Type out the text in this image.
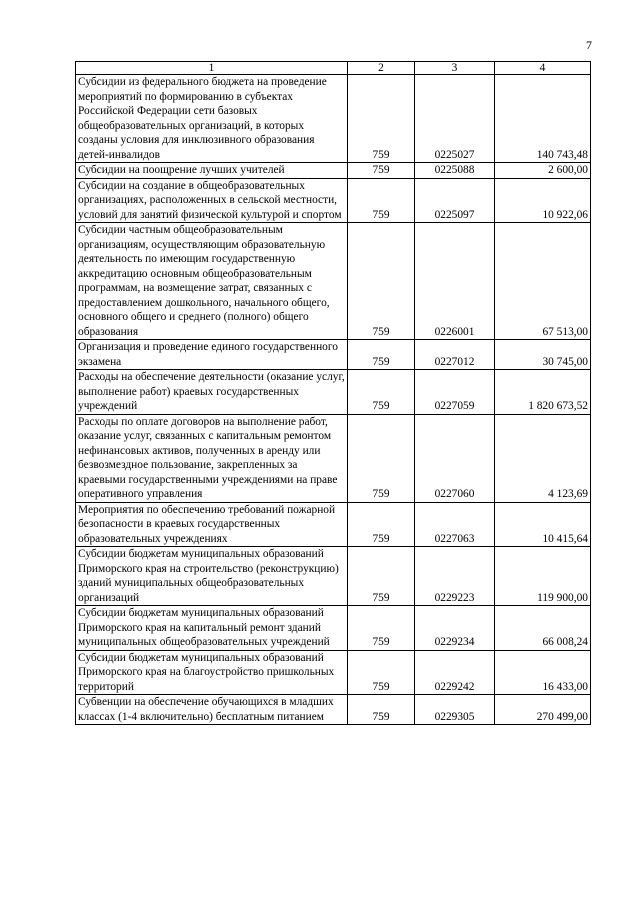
7
1	2	3	4
Субсидии из федерального бюджета на проведение мероприятий по формированию в субъектах Российской Федерации сети базовых общеобразовательных организаций, в которых созданы условия для инклюзивного образования детей-инвалидов	759	0225027	140 743,48
Субсидии на поощрение лучших учителей	759	0225088	2 600,00
Субсидии на создание в общеобразовательных организациях, расположенных в сельской местности, условий для занятий физической культурой и спортом	759	0225097	10 922,06
Субсидии частным общеобразовательным организациям, осуществляющим образовательную деятельность по имеющим государственную аккредитацию основным общеобразовательным программам, на возмещение затрат, связанных с предоставлением дошкольного, начального общего, основного общего и среднего (полного) общего образования	759	0226001	67 513,00
Организация и проведение единого государственного экзамена	759	0227012	30 745,00
Расходы на обеспечение деятельности (оказание услуг, выполнение работ) краевых государственных учреждений	759	0227059	1 820 673,52
Расходы по оплате договоров на выполнение работ, оказание услуг, связанных с капитальным ремонтом нефинансовых активов, полученных в аренду или безвозмездное пользование, закрепленных за краевыми государственными учреждениями на праве оперативного управления	759	0227060	4 123,69
Мероприятия по обеспечению требований пожарной безопасности в краевых государственных образовательных учреждениях	759	0227063	10 415,64
Субсидии бюджетам муниципальных образований Приморского края на строительство (реконструкцию) зданий муниципальных общеобразовательных организаций	759	0229223	119 900,00
Субсидии бюджетам муниципальных образований Приморского края на капитальный ремонт зданий муниципальных общеобразовательных учреждений	759	0229234	66 008,24
Субсидии бюджетам муниципальных образований Приморского края на благоустройство пришкольных территорий	759	0229242	16 433,00
Субвенции на обеспечение обучающихся в младших классах (1-4 включительно) бесплатным питанием	759	0229305	270 499,00
